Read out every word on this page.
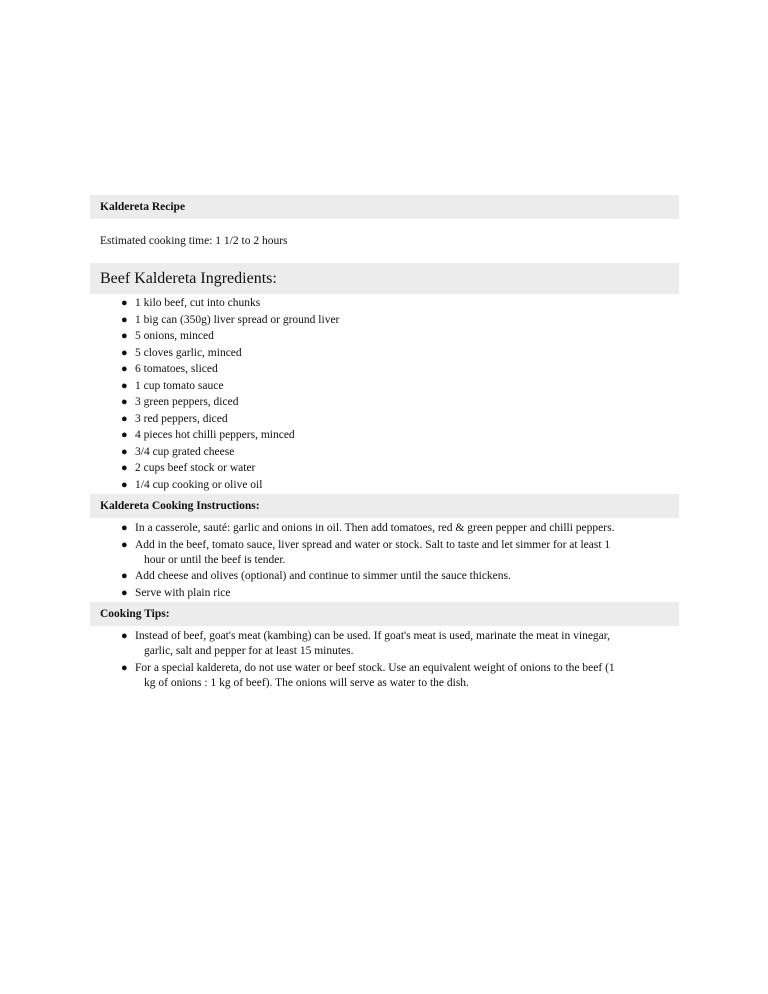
Kaldereta Recipe
Estimated cooking time: 1 1/2 to 2 hours
Beef Kaldereta Ingredients:
● 1 kilo beef, cut into chunks
● 1 big can (350g) liver spread or ground liver
● 5 onions, minced
● 5 cloves garlic, minced
● 6 tomatoes, sliced
● 1 cup tomato sauce
● 3 green peppers, diced
● 3 red peppers, diced
● 4 pieces hot chilli peppers, minced
● 3/4 cup grated cheese
● 2 cups beef stock or water
● 1/4 cup cooking or olive oil
Kaldereta Cooking Instructions:
● In a casserole, sauté: garlic and onions in oil. Then add tomatoes, red & green pepper and chilli peppers.
● Add in the beef, tomato sauce, liver spread and water or stock. Salt to taste and let simmer for at least 1
hour or until the beef is tender.
● Add cheese and olives (optional) and continue to simmer until the sauce thickens.
● Serve with plain rice
Cooking Tips:
● Instead of beef, goat's meat (kambing) can be used. If goat's meat is used, marinate the meat in vinegar,
garlic, salt and pepper for at least 15 minutes.
● For a special kaldereta, do not use water or beef stock. Use an equivalent weight of onions to the beef (1
kg of onions : 1 kg of beef). The onions will serve as water to the dish.
